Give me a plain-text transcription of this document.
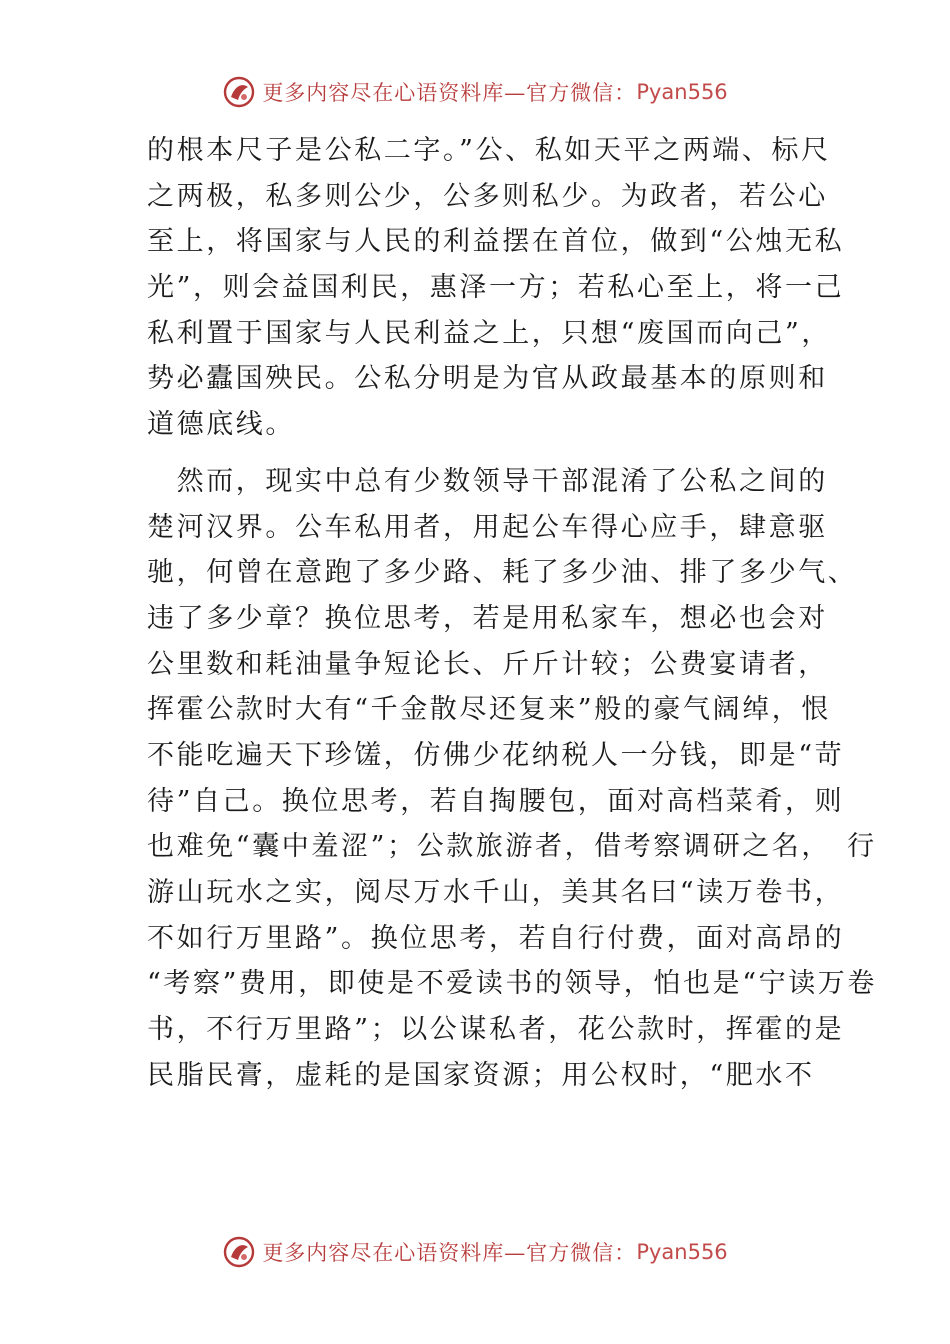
更多内容尽在心语资料库—官方微信： Pyan556
的根本尺子是公私二字。”公、私如天平之两端、标尺
之两极，私多则公少，公多则私少。为政者，若公心
至上，将国家与人民的利益摆在首位，做到“公烛无私
光”，则会益国利民，惠泽一方；若私心至上，将一己
私利置于国家与人民利益之上，只想“废国而向己”，
势必蠹国殃民。公私分明是为官从政最基本的原则和
道德底线。
　然而，现实中总有少数领导干部混淆了公私之间的
楚河汉界。公车私用者，用起公车得心应手，肆意驱
驰，何曾在意跑了多少路、耗了多少油、排了多少气、
违了多少章？换位思考，若是用私家车，想必也会对
公里数和耗油量争短论长、斤斤计较；公费宴请者，
挥霍公款时大有“千金散尽还复来”般的豪气阔绰，恨
不能吃遍天下珍馐，仿佛少花纳税人一分钱，即是“苛
待”自己。换位思考，若自掏腰包，面对高档菜肴，则
也难免“囊中羞涩”；公款旅游者，借考察调研之名，　行
游山玩水之实，阅尽万水千山，美其名曰“读万卷书，
不如行万里路”。换位思考，若自行付费，面对高昂的
“考察”费用，即使是不爱读书的领导，怕也是“宁读万卷
书，不行万里路”；以公谋私者，花公款时，挥霍的是
民脂民膏，虚耗的是国家资源；用公权时，“肥水不
更多内容尽在心语资料库—官方微信： Pyan556
